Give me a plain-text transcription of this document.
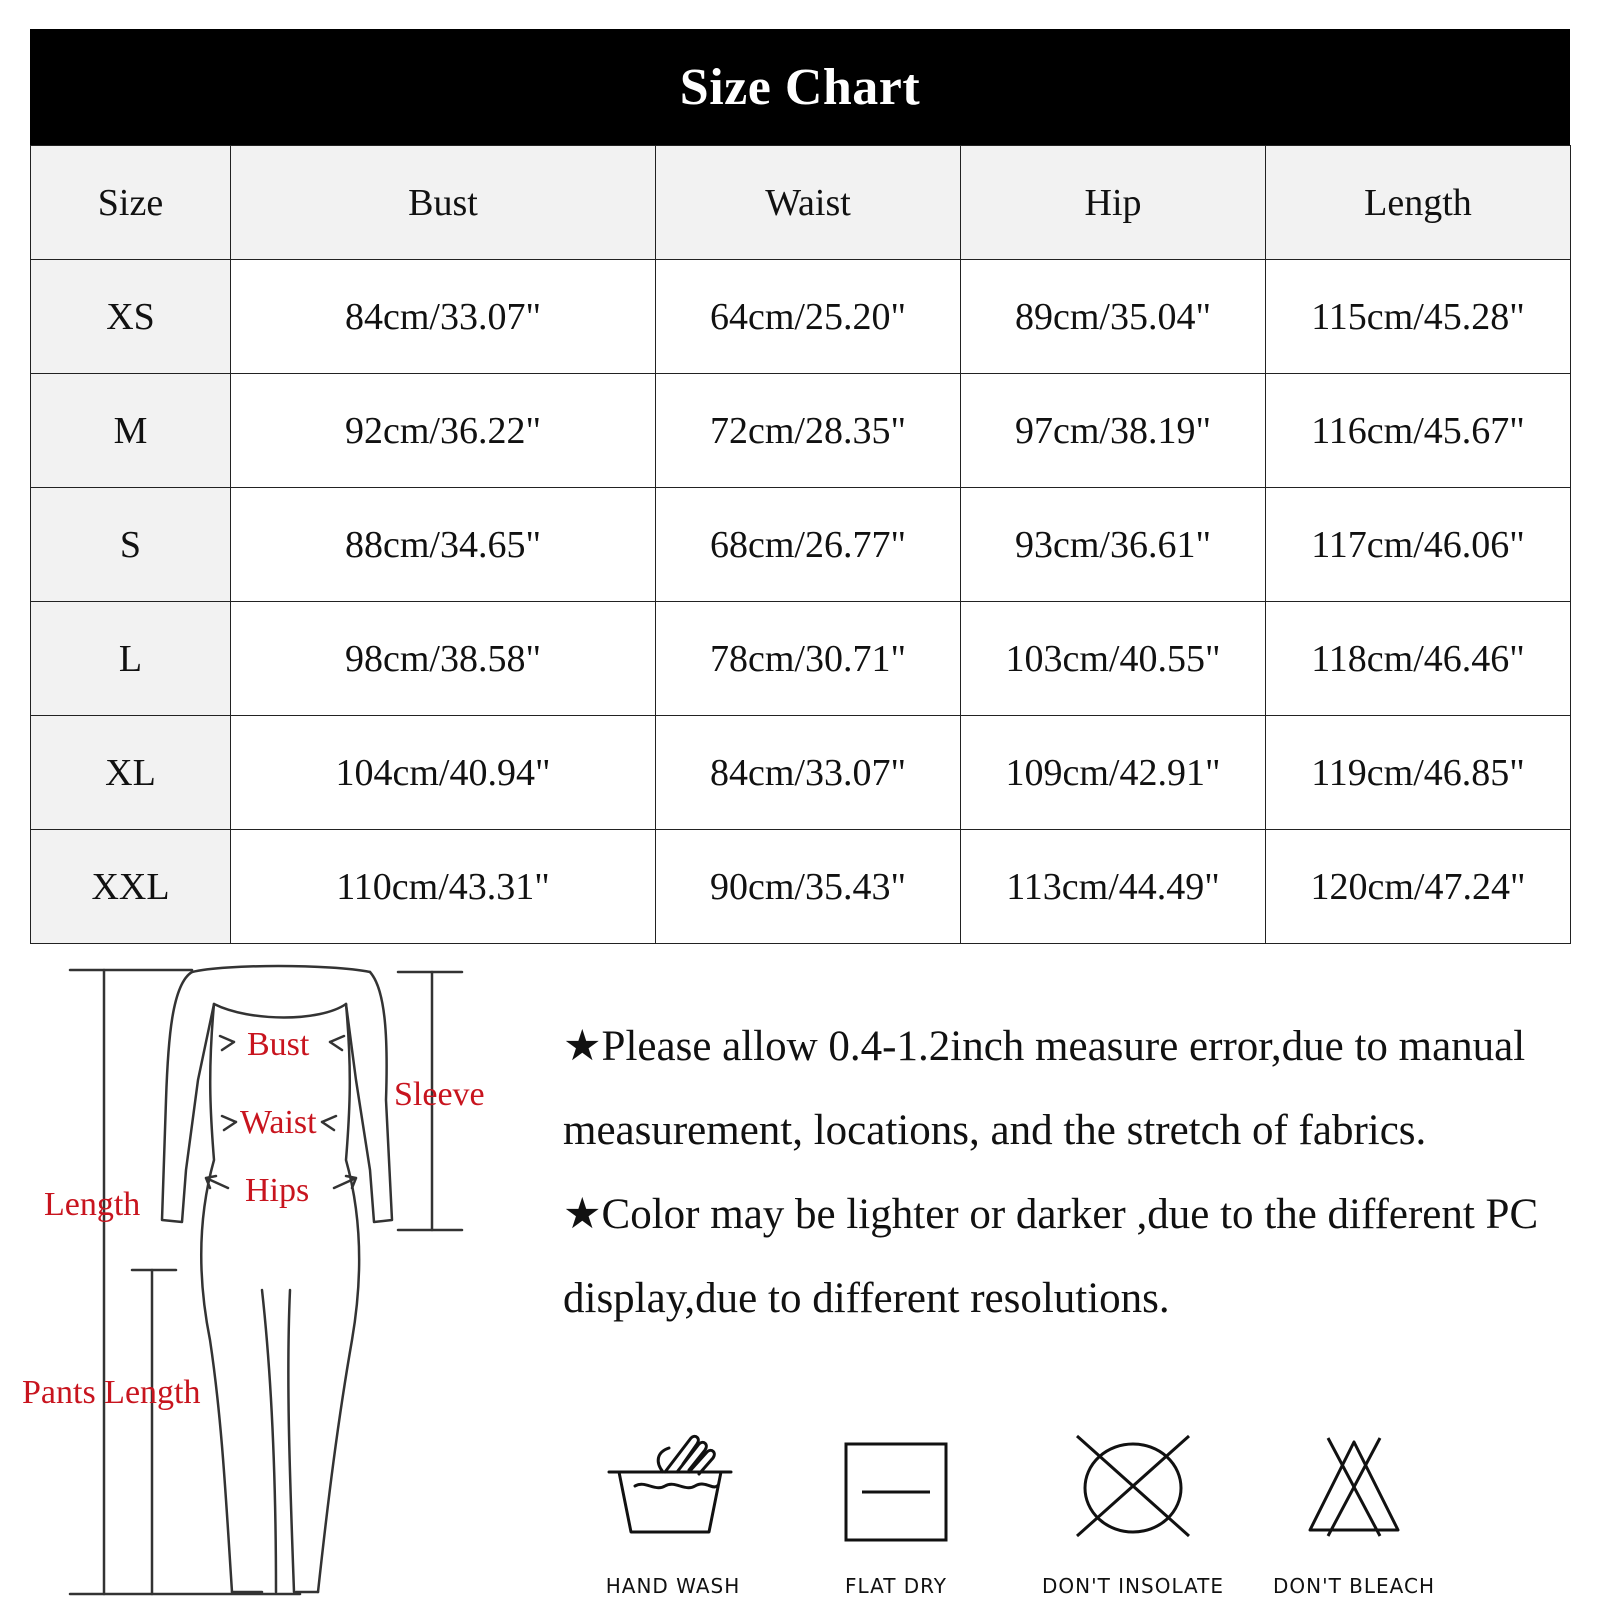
Size Chart
Size	Bust	Waist	Hip	Length
XS	84cm/33.07"	64cm/25.20"	89cm/35.04"	115cm/45.28"
M	92cm/36.22"	72cm/28.35"	97cm/38.19"	116cm/45.67"
S	88cm/34.65"	68cm/26.77"	93cm/36.61"	117cm/46.06"
L	98cm/38.58"	78cm/30.71"	103cm/40.55"	118cm/46.46"
XL	104cm/40.94"	84cm/33.07"	109cm/42.91"	119cm/46.85"
XXL	110cm/43.31"	90cm/35.43"	113cm/44.49"	120cm/47.24"
Bust
Waist
Hips
Sleeve
Length
Pants Length

★Please allow 0.4-1.2inch measure error,due to manual measurement, locations, and the stretch of fabrics.

★Color may be lighter or darker ,due to the different PC display,due to different resolutions.

HAND WASH	FLAT DRY	DON'T INSOLATE	DON'T BLEACH
